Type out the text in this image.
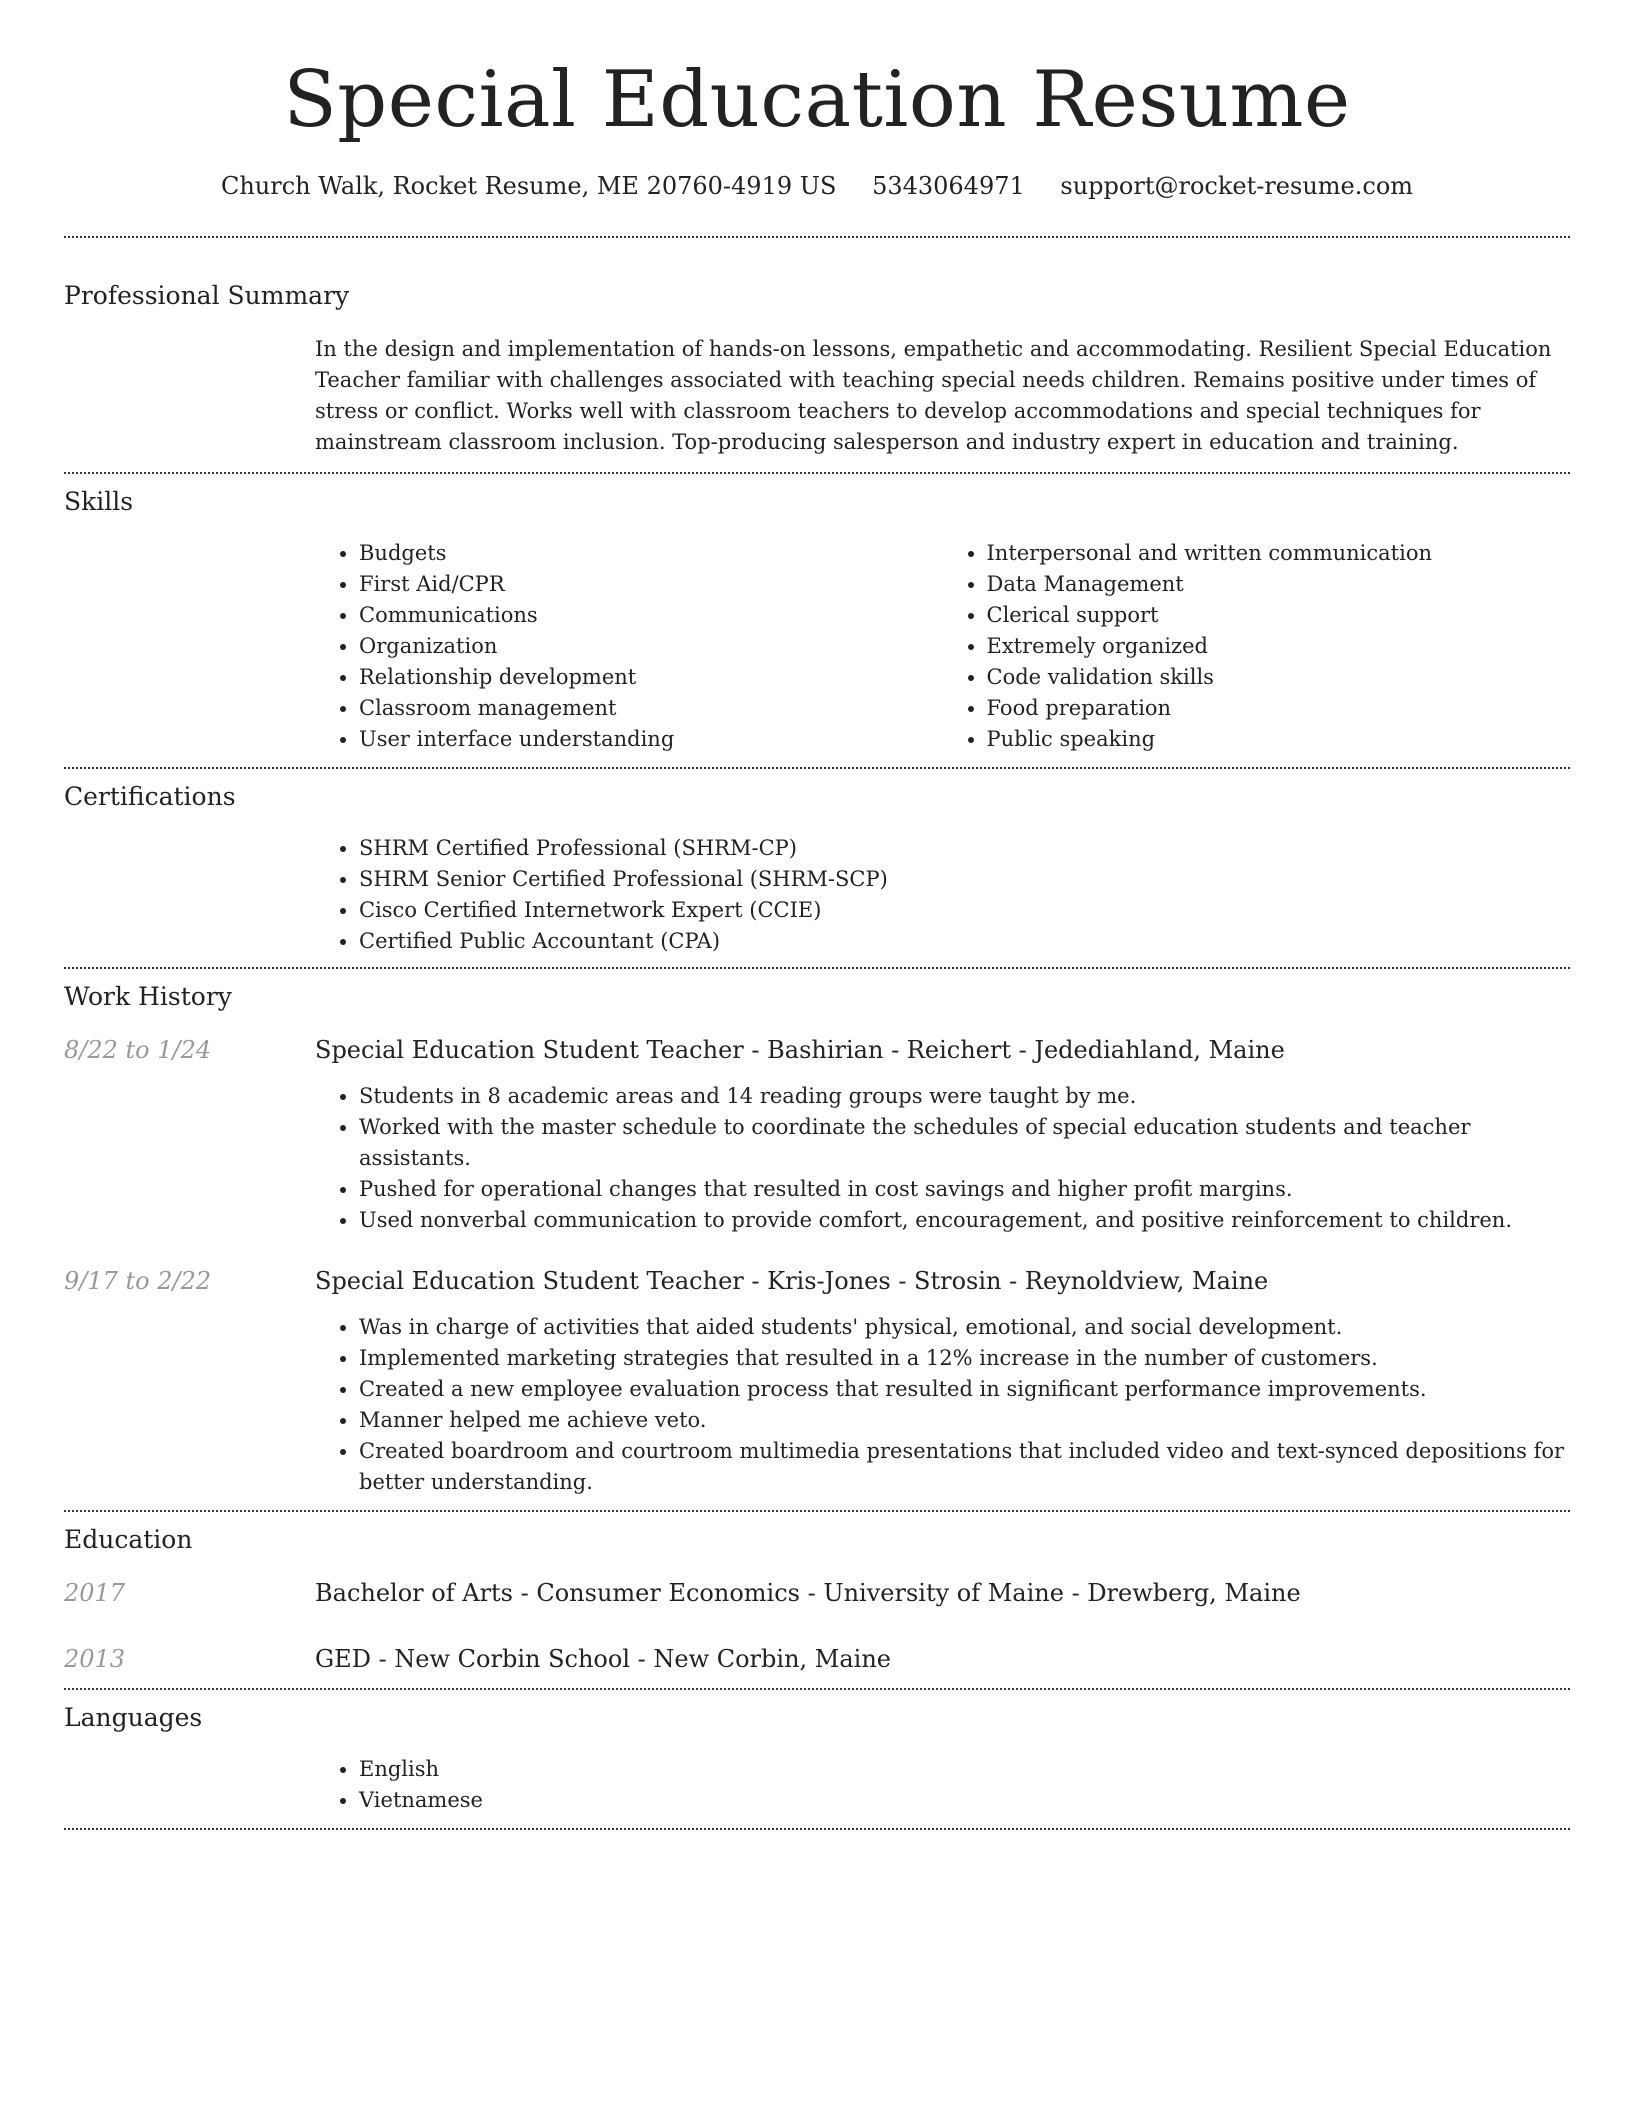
Special Education Resume
Church Walk, Rocket Resume, ME 20760-4919 US 5343064971 support@rocket-resume.com
Professional Summary
In the design and implementation of hands-on lessons, empathetic and accommodating. Resilient Special Education Teacher familiar with challenges associated with teaching special needs children. Remains positive under times of stress or conflict. Works well with classroom teachers to develop accommodations and special techniques for mainstream classroom inclusion. Top-producing salesperson and industry expert in education and training.
Skills
• Budgets
• First Aid/CPR
• Communications
• Organization
• Relationship development
• Classroom management
• User interface understanding
• Interpersonal and written communication
• Data Management
• Clerical support
• Extremely organized
• Code validation skills
• Food preparation
• Public speaking
Certifications
• SHRM Certified Professional (SHRM-CP)
• SHRM Senior Certified Professional (SHRM-SCP)
• Cisco Certified Internetwork Expert (CCIE)
• Certified Public Accountant (CPA)
Work History
8/22 to 1/24	Special Education Student Teacher - Bashirian - Reichert - Jedediahland, Maine
• Students in 8 academic areas and 14 reading groups were taught by me.
• Worked with the master schedule to coordinate the schedules of special education students and teacher assistants.
• Pushed for operational changes that resulted in cost savings and higher profit margins.
• Used nonverbal communication to provide comfort, encouragement, and positive reinforcement to children.
9/17 to 2/22	Special Education Student Teacher - Kris-Jones - Strosin - Reynoldview, Maine
• Was in charge of activities that aided students' physical, emotional, and social development.
• Implemented marketing strategies that resulted in a 12% increase in the number of customers.
• Created a new employee evaluation process that resulted in significant performance improvements.
• Manner helped me achieve veto.
• Created boardroom and courtroom multimedia presentations that included video and text-synced depositions for better understanding.
Education
2017	Bachelor of Arts - Consumer Economics - University of Maine - Drewberg, Maine
2013	GED - New Corbin School - New Corbin, Maine
Languages
• English
• Vietnamese
